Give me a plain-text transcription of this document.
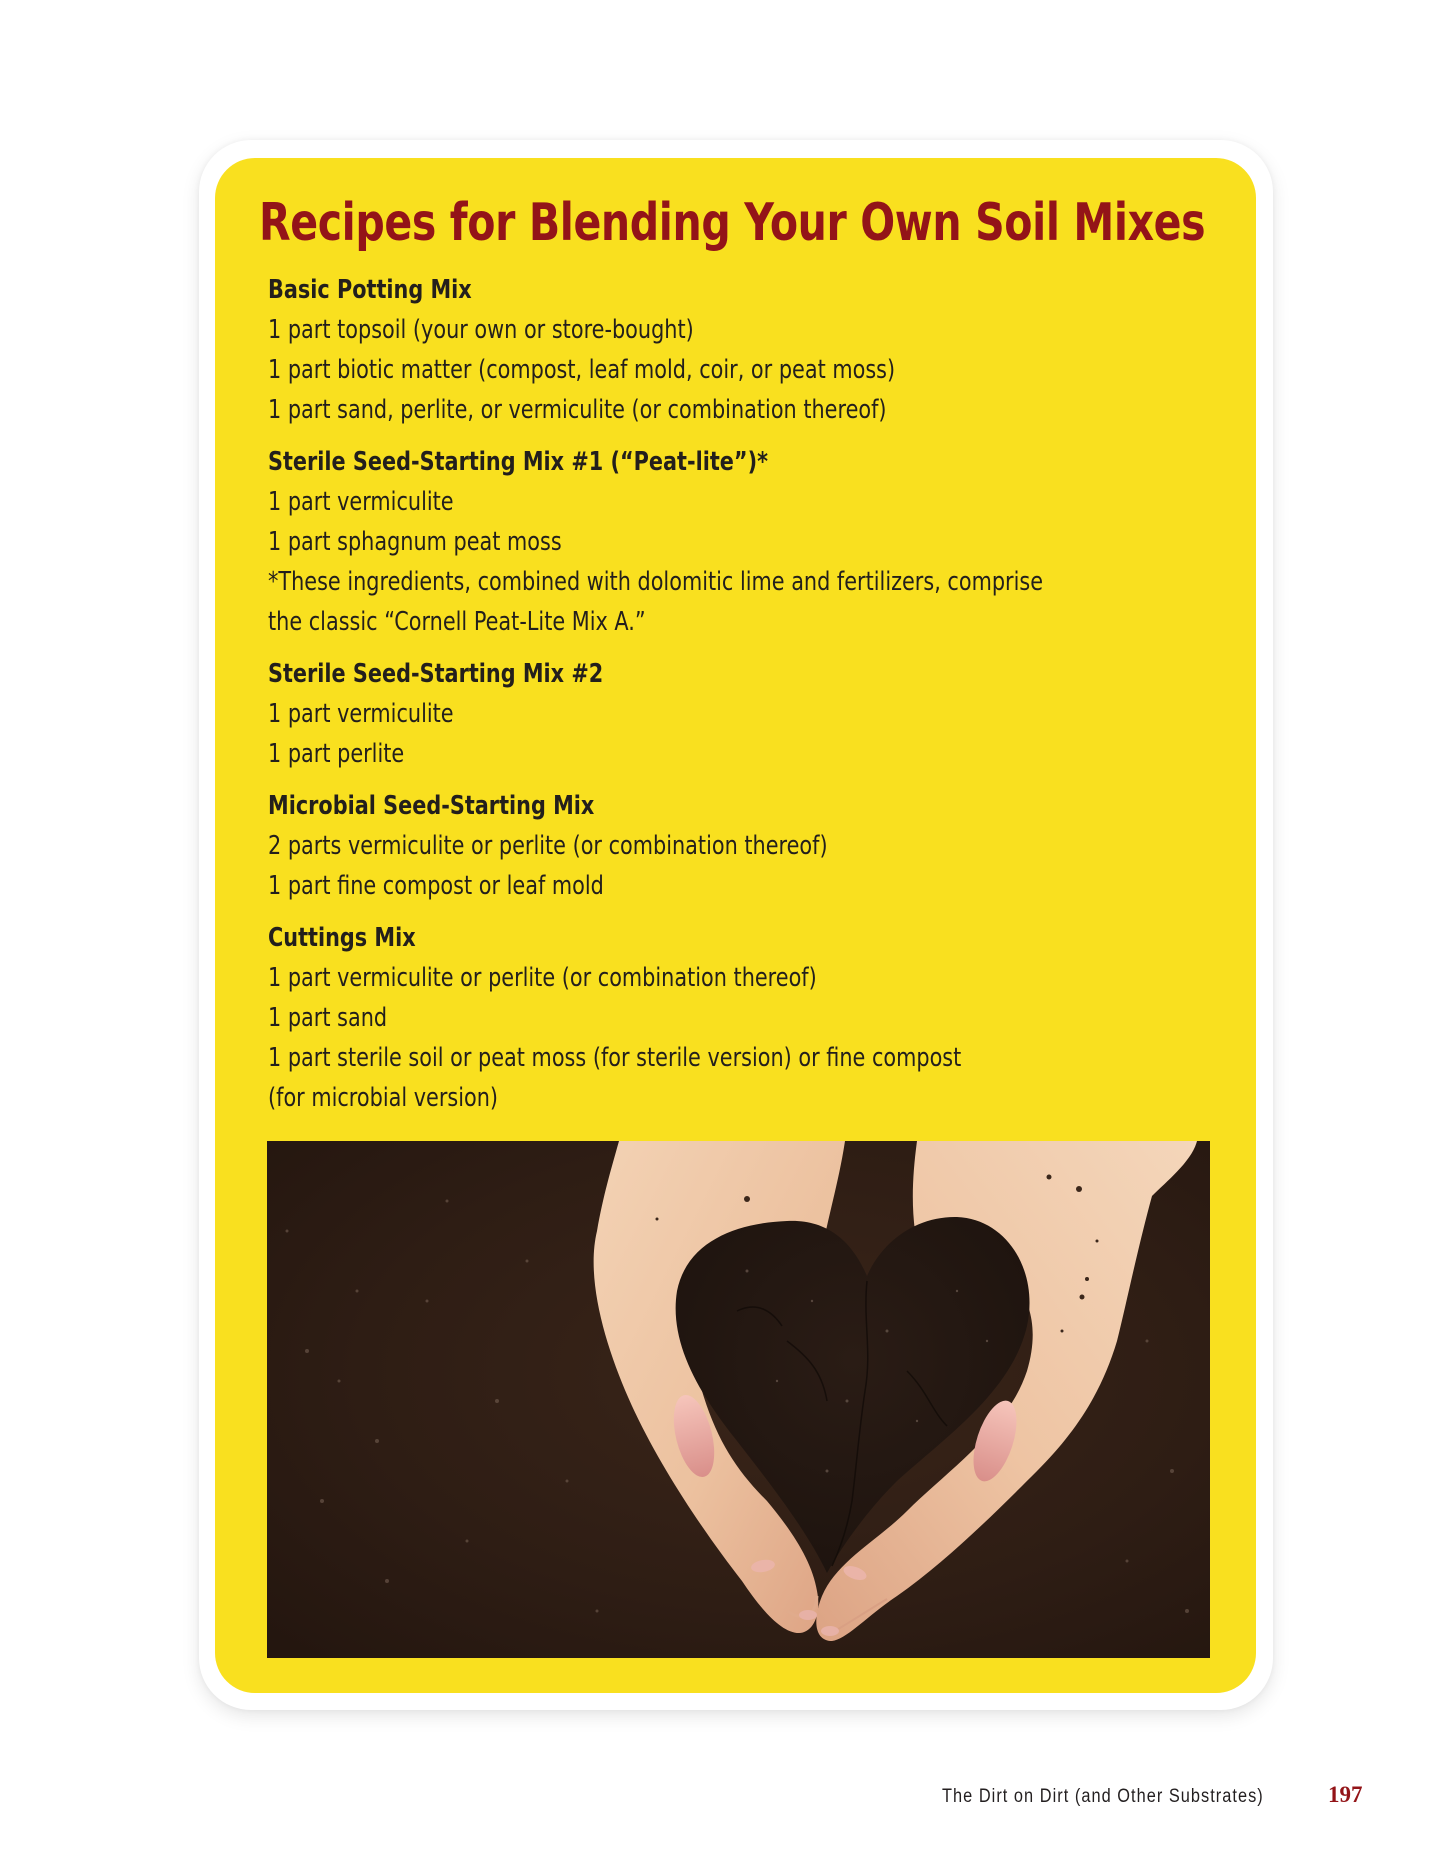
Recipes for Blending Your Own Soil Mixes
Basic Potting Mix
1 part topsoil (your own or store-bought)
1 part biotic matter (compost, leaf mold, coir, or peat moss)
1 part sand, perlite, or vermiculite (or combination thereof)
Sterile Seed-Starting Mix #1 (“Peat-lite”)*
1 part vermiculite
1 part sphagnum peat moss
*These ingredients, combined with dolomitic lime and fertilizers, comprise
the classic “Cornell Peat-Lite Mix A.”
Sterile Seed-Starting Mix #2
1 part vermiculite
1 part perlite
Microbial Seed-Starting Mix
2 parts vermiculite or perlite (or combination thereof)
1 part fine compost or leaf mold
Cuttings Mix
1 part vermiculite or perlite (or combination thereof)
1 part sand
1 part sterile soil or peat moss (for sterile version) or fine compost
(for microbial version)
The Dirt on Dirt (and Other Substrates)	197
